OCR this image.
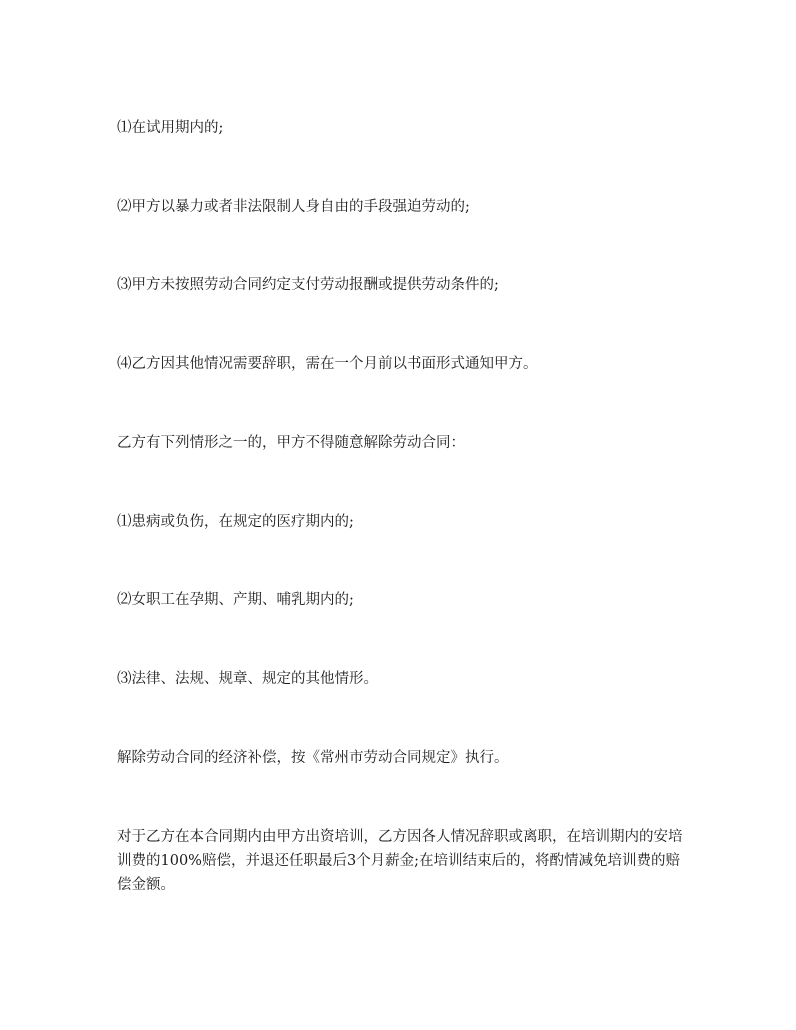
⑴在试用期内的;

⑵甲方以暴力或者非法限制人身自由的手段强迫劳动的;

⑶甲方未按照劳动合同约定支付劳动报酬或提供劳动条件的;

⑷乙方因其他情况需要辞职，需在一个月前以书面形式通知甲方。

乙方有下列情形之一的，甲方不得随意解除劳动合同：

⑴患病或负伤，在规定的医疗期内的;

⑵女职工在孕期、产期、哺乳期内的;

⑶法律、法规、规章、规定的其他情形。

解除劳动合同的经济补偿，按《常州市劳动合同规定》执行。

对于乙方在本合同期内由甲方出资培训，乙方因各人情况辞职或离职，在培训期内的安培训费的100%赔偿，并退还任职最后3个月薪金;在培训结束后的，将酌情减免培训费的赔偿金额。
